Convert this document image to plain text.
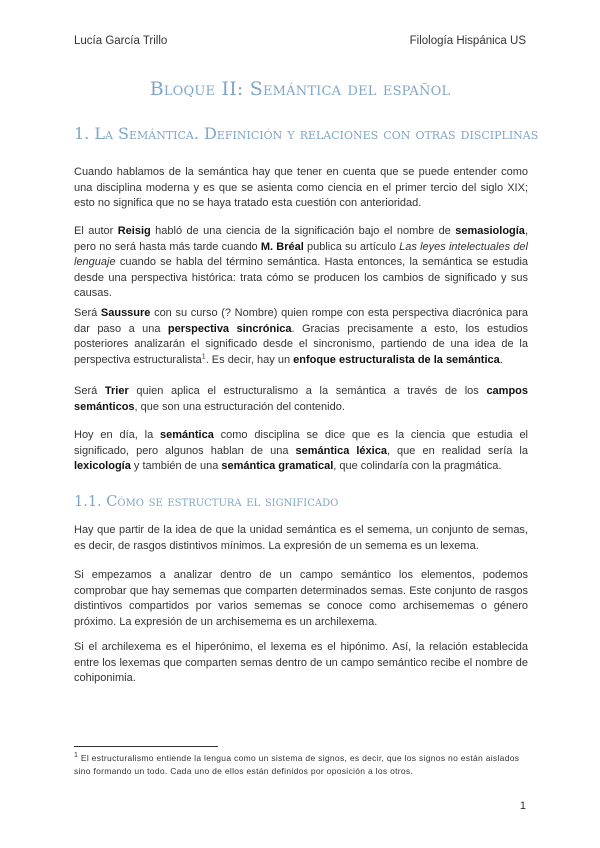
Lucía García Trillo	Filología Hispánica US
Bloque II: Semántica del español
1. La Semántica. Definición y relaciones con otras disciplinas

Cuando hablamos de la semántica hay que tener en cuenta que se puede entender como una disciplina moderna y es que se asienta como ciencia en el primer tercio del siglo XIX; esto no significa que no se haya tratado esta cuestión con anterioridad.

El autor Reisig habló de una ciencia de la significación bajo el nombre de semasiología, pero no será hasta más tarde cuando M. Bréal publica su artículo Las leyes intelectuales del lenguaje cuando se habla del término semántica. Hasta entonces, la semántica se estudia desde una perspectiva histórica: trata cómo se producen los cambios de significado y sus causas.

Será Saussure con su curso (? Nombre) quien rompe con esta perspectiva diacrónica para dar paso a una perspectiva sincrónica. Gracias precisamente a esto, los estudios posteriores analizarán el significado desde el sincronismo, partiendo de una idea de la perspectiva estructuralista$^1$. Es decir, hay un enfoque estructuralista de la semántica.

Será Trier quien aplica el estructuralismo a la semántica a través de los campos semánticos, que son una estructuración del contenido.

Hoy en día, la semántica como disciplina se dice que es la ciencia que estudia el significado, pero algunos hablan de una semántica léxica, que en realidad sería la lexicología y también de una semántica gramatical, que colindaría con la pragmática.

1.1. Cómo se estructura el significado

Hay que partir de la idea de que la unidad semántica es el semema, un conjunto de semas, es decir, de rasgos distintivos mínimos. La expresión de un semema es un lexema.

Si empezamos a analizar dentro de un campo semántico los elementos, podemos comprobar que hay sememas que comparten determinados semas. Este conjunto de rasgos distintivos compartidos por varios sememas se conoce como archisememas o género próximo. La expresión de un archisemema es un archilexema.

Si el archilexema es el hiperónimo, el lexema es el hipónimo. Así, la relación establecida entre los lexemas que comparten semas dentro de un campo semántico recibe el nombre de cohiponimia.

$^1$ El estructuralismo entiende la lengua como un sistema de signos, es decir, que los signos no están aislados sino formando un todo. Cada uno de ellos están definidos por oposición a los otros.
1
